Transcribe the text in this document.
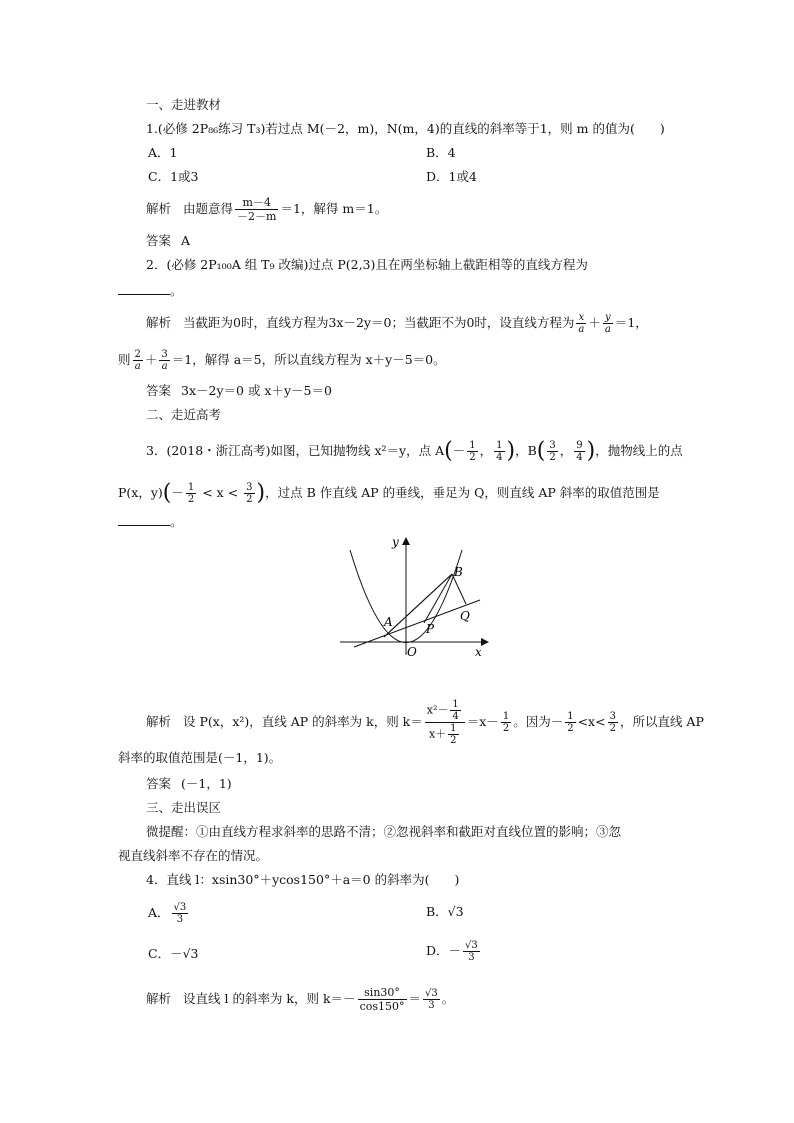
一、走进教材
1.(必修 2P₈₆练习 T₃)若过点 M(－2，m)，N(m，4)的直线的斜率等于1，则 m 的值为(　　)
A．1	B．4
C．1或3	D．1或4
解析 由题意得 $\frac{m-4}{-2-m} =1$，解得 m＝1。
答案 A
2．(必修 2P₁₀₀A 组 T₉ 改编)过点 P(2,3)且在两坐标轴上截距相等的直线方程为
。
解析 当截距为0时，直线方程为3x－2y＝0；当截距不为0时，设直线方程为 $\frac{x}{a} + \frac{y}{a} =1$，
则 $\frac{2}{a} + \frac{3}{a} =1$，解得 a＝5，所以直线方程为 x＋y－5＝0。
答案 3x－2y＝0 或 x＋y－5＝0
二、走近高考
3．(2018・浙江高考)如图，已知抛物线 x²＝y，点 $A(- \frac{1}{2}$ ， $\frac{1}{4}$ )，$B( \frac{3}{2}$ ， $\frac{9}{4}$ )，抛物线上的点
P(x，$y)(- \frac{1}{2} < x < \frac{3}{2}$ )，过点 B 作直线 AP 的垂线，垂足为 Q，则直线 AP 斜率的取值范围是
。
y
x
O
A
B
P
Q
解析 设 P(x，x²)，直线 AP 的斜率为 k，则 $k= \frac{x^2- \frac{1}{4}}{x+ \frac{1}{2}} =x- \frac{1}{2}$ 。因为－ $\frac{1}{2} <x< \frac{3}{2}$ ，所以直线 AP
斜率的取值范围是(－1，1)。
答案 (－1，1)
三、走出误区
微提醒：①由直线方程求斜率的思路不清；②忽视斜率和截距对直线位置的影响；③忽
视直线斜率不存在的情况。
4．直线 l：xsin30°＋ycos150°＋a＝0 的斜率为(　　)
A． $\frac{√3}{3}$	B．√3
C．－√3	D．－ $\frac{√3}{3}$
解析 设直线 l 的斜率为 k，则 $k=- \frac{\sin 30^\circ}{\cos 150^\circ} = \frac{√3}{3}$ 。
